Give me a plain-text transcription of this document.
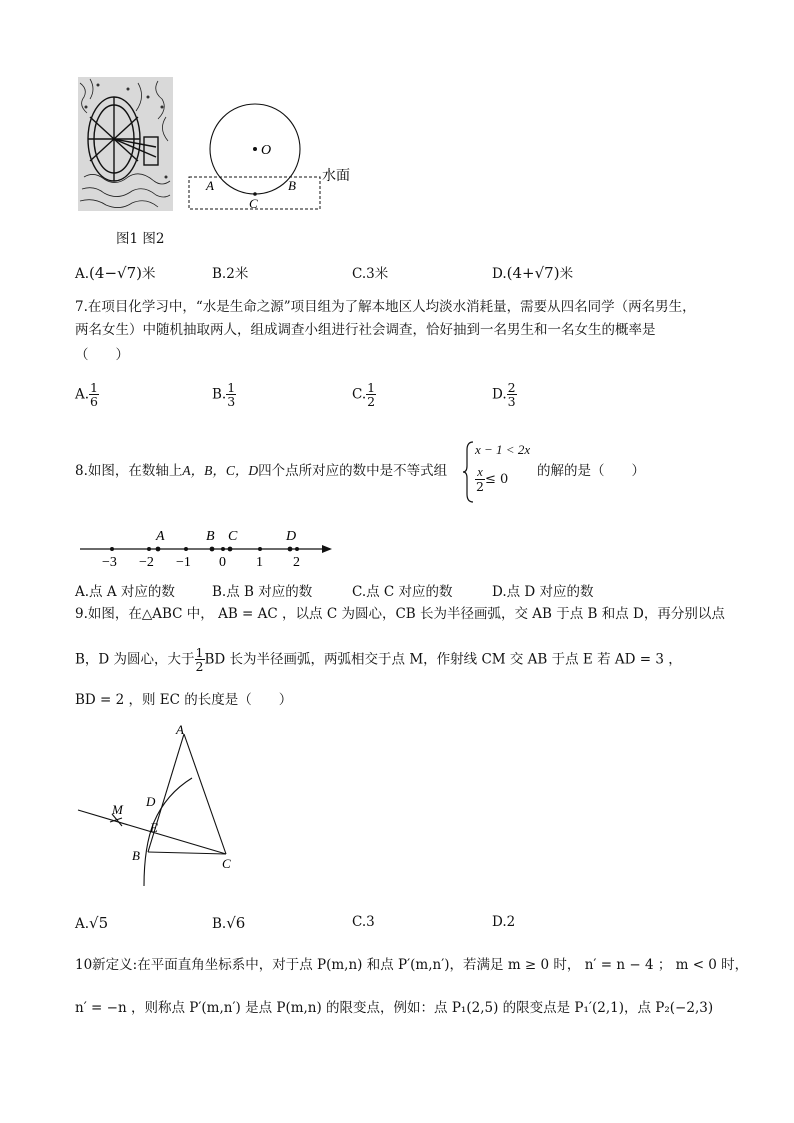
O
A	B
C
水面
图1 图2
A.(4−√7)米	B.2米	C.3米	D.(4+√7)米
7.在项目化学习中，“水是生命之源”项目组为了解本地区人均淡水消耗量，需要从四名同学（两名男生，
两名女生）中随机抽取两人，组成调查小组进行社会调查，恰好抽到一名男生和一名女生的概率是
（　　）
A. $\frac{1}{6}$	B. $\frac{1}{3}$	C. $\frac{1}{2}$	D. $\frac{2}{3}$
8.如图，在数轴上A，B，C，D四个点所对应的数中是不等式组
x − 1 < 2x
$\frac{x}{2} \le 0$
的解的是（　　）
−3 −2 −1 0 1 2
A	B C	D
A.点 A 对应的数	B.点 B 对应的数	C.点 C 对应的数	D.点 D 对应的数
9.如图，在△ABC 中， AB = AC ，以点 C 为圆心，CB 长为半径画弧，交 AB 于点 B 和点 D，再分别以点
B，D 为圆心，大于 $\frac{1}{2}$ BD 长为半径画弧，两弧相交于点 M，作射线 CM 交 AB 于点 E 若 AD = 3 ，
BD = 2 ，则 EC 的长度是（　　）
A
B
C
D
E
M
A.√5	B.√6	C.3	D.2
10新定义:在平面直角坐标系中，对于点 P(m,n) 和点 P′(m,n′)，若满足 m ≥ 0 时， n′ = n − 4 ； m < 0 时，
n′ = −n ，则称点 P′(m,n′) 是点 P(m,n) 的限变点，例如：点 P₁(2,5) 的限变点是 P₁′(2,1)，点 P₂(−2,3)
